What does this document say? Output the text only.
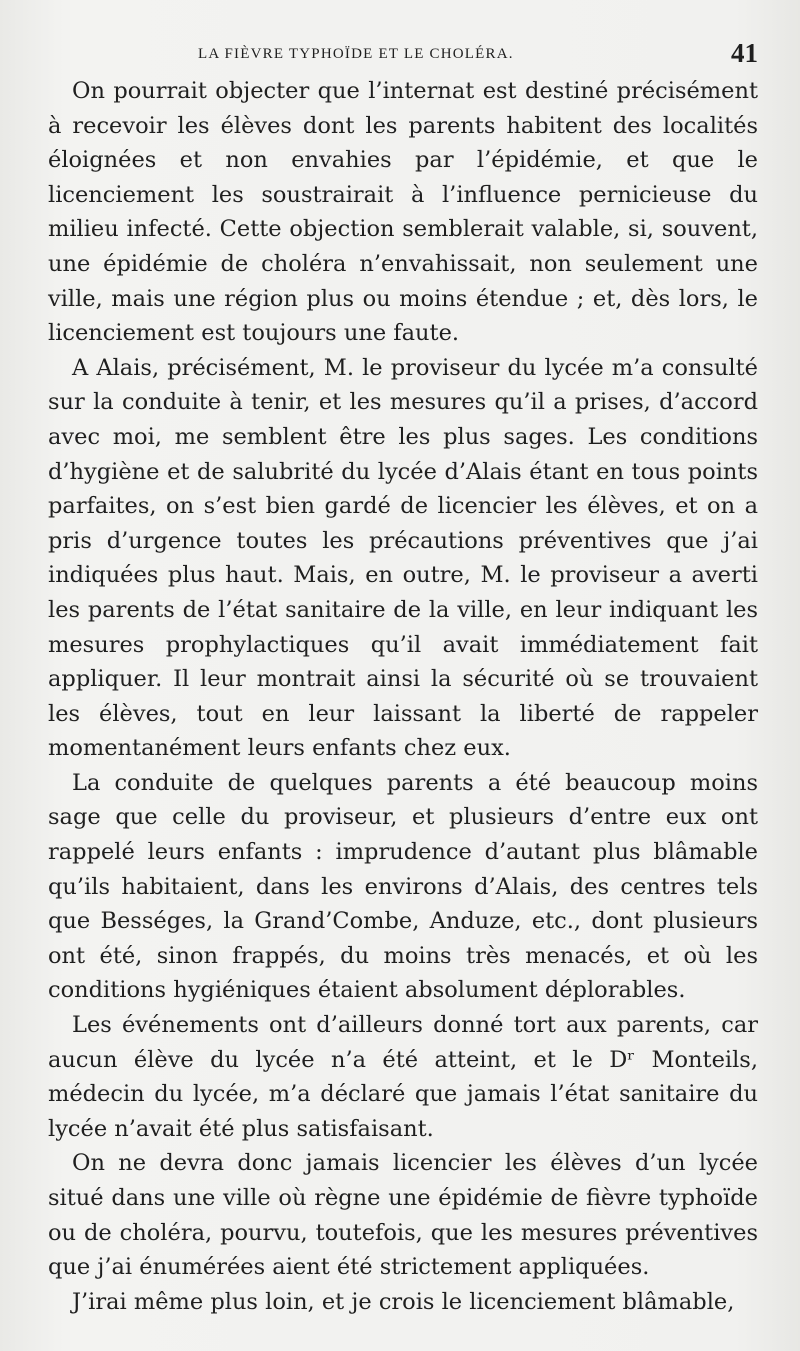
LA FIÈVRE TYPHOÏDE ET LE CHOLÉRA.	41

On pourrait objecter que l’internat est destiné précisément à recevoir les élèves dont les parents habitent des localités éloignées et non envahies par l’épidémie, et que le licenciement les soustrairait à l’influence pernicieuse du milieu infecté. Cette objection semblerait valable, si, souvent, une épidémie de choléra n’envahissait, non seulement une ville, mais une région plus ou moins étendue ; et, dès lors, le licenciement est toujours une faute.

A Alais, précisément, M. le proviseur du lycée m’a consulté sur la conduite à tenir, et les mesures qu’il a prises, d’accord avec moi, me semblent être les plus sages. Les conditions d’hygiène et de salubrité du lycée d’Alais étant en tous points parfaites, on s’est bien gardé de licencier les élèves, et on a pris d’urgence toutes les précautions préventives que j’ai indiquées plus haut. Mais, en outre, M. le proviseur a averti les parents de l’état sanitaire de la ville, en leur indiquant les mesures prophylactiques qu’il avait immédiatement fait appliquer. Il leur montrait ainsi la sécurité où se trouvaient les élèves, tout en leur laissant la liberté de rappeler momentanément leurs enfants chez eux.

La conduite de quelques parents a été beaucoup moins sage que celle du proviseur, et plusieurs d’entre eux ont rappelé leurs enfants : imprudence d’autant plus blâmable qu’ils habitaient, dans les environs d’Alais, des centres tels que Bességes, la Grand’Combe, Anduze, etc., dont plusieurs ont été, sinon frappés, du moins très menacés, et où les conditions hygiéniques étaient absolument déplorables.

Les événements ont d’ailleurs donné tort aux parents, car aucun élève du lycée n’a été atteint, et le Dʳ Monteils, médecin du lycée, m’a déclaré que jamais l’état sanitaire du lycée n’avait été plus satisfaisant.

On ne devra donc jamais licencier les élèves d’un lycée situé dans une ville où règne une épidémie de fièvre typhoïde ou de choléra, pourvu, toutefois, que les mesures préventives que j’ai énumérées aient été strictement appliquées.

J’irai même plus loin, et je crois le licenciement blâmable,
